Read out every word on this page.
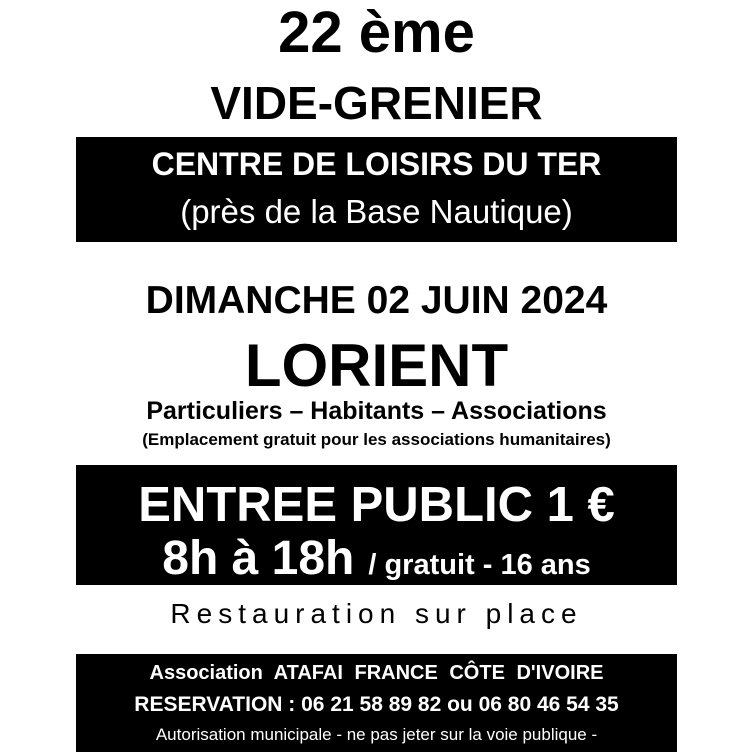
22 ème
VIDE-GRENIER
CENTRE DE LOISIRS DU TER
(près de la Base Nautique)
DIMANCHE 02 JUIN 2024
LORIENT
Particuliers – Habitants – Associations
(Emplacement gratuit pour les associations humanitaires)
ENTREE PUBLIC 1 €
8h à 18h / gratuit - 16 ans
Restauration sur place
Association ATAFAI FRANCE CÔTE D'IVOIRE
RESERVATION : 06 21 58 89 82 ou 06 80 46 54 35
Autorisation municipale - ne pas jeter sur la voie publique -
